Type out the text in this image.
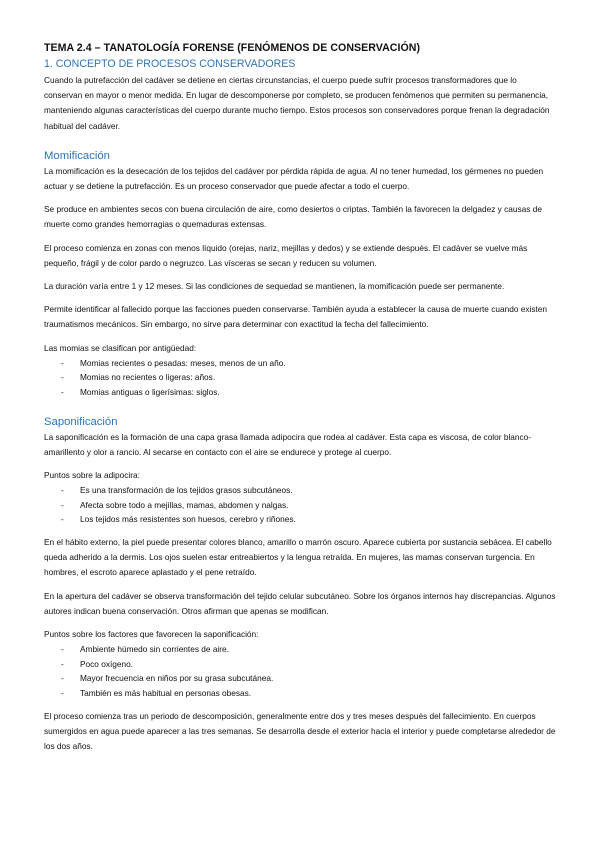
TEMA 2.4 – TANATOLOGÍA FORENSE (FENÓMENOS DE CONSERVACIÓN)
1. CONCEPTO DE PROCESOS CONSERVADORES

Cuando la putrefacción del cadáver se detiene en ciertas circunstancias, el cuerpo puede sufrir procesos transformadores que lo conservan en mayor o menor medida. En lugar de descomponerse por completo, se producen fenómenos que permiten su permanencia, manteniendo algunas características del cuerpo durante mucho tiempo. Estos procesos son conservadores porque frenan la degradación habitual del cadáver.

Momificación

La momificación es la desecación de los tejidos del cadáver por pérdida rápida de agua. Al no tener humedad, los gérmenes no pueden actuar y se detiene la putrefacción. Es un proceso conservador que puede afectar a todo el cuerpo.

Se produce en ambientes secos con buena circulación de aire, como desiertos o criptas. También la favorecen la delgadez y causas de muerte como grandes hemorragias o quemaduras extensas.

El proceso comienza en zonas con menos líquido (orejas, nariz, mejillas y dedos) y se extiende después. El cadáver se vuelve más pequeño, frágil y de color pardo o negruzco. Las vísceras se secan y reducen su volumen.

La duración varía entre 1 y 12 meses. Si las condiciones de sequedad se mantienen, la momificación puede ser permanente.

Permite identificar al fallecido porque las facciones pueden conservarse. También ayuda a establecer la causa de muerte cuando existen traumatismos mecánicos. Sin embargo, no sirve para determinar con exactitud la fecha del fallecimiento.

Las momias se clasifican por antigüedad:

- Momias recientes o pesadas: meses, menos de un año.
- Momias no recientes o ligeras: años.
- Momias antiguas o ligerísimas: siglos.
Saponificación

La saponificación es la formación de una capa grasa llamada adipocira que rodea al cadáver. Esta capa es viscosa, de color blanco-amarillento y olor a rancio. Al secarse en contacto con el aire se endurece y protege al cuerpo.

Puntos sobre la adipocira:

- Es una transformación de los tejidos grasos subcutáneos.
- Afecta sobre todo a mejillas, mamas, abdomen y nalgas.
- Los tejidos más resistentes son huesos, cerebro y riñones.

En el hábito externo, la piel puede presentar colores blanco, amarillo o marrón oscuro. Aparece cubierta por sustancia sebácea. El cabello queda adherido a la dermis. Los ojos suelen estar entreabiertos y la lengua retraída. En mujeres, las mamas conservan turgencia. En hombres, el escroto aparece aplastado y el pene retraído.

En la apertura del cadáver se observa transformación del tejido celular subcutáneo. Sobre los órganos internos hay discrepancias. Algunos autores indican buena conservación. Otros afirman que apenas se modifican.

Puntos sobre los factores que favorecen la saponificación:

- Ambiente húmedo sin corrientes de aire.
- Poco oxígeno.
- Mayor frecuencia en niños por su grasa subcutánea.
- También es más habitual en personas obesas.

El proceso comienza tras un periodo de descomposición, generalmente entre dos y tres meses después del fallecimiento. En cuerpos sumergidos en agua puede aparecer a las tres semanas. Se desarrolla desde el exterior hacia el interior y puede completarse alrededor de los dos años.
